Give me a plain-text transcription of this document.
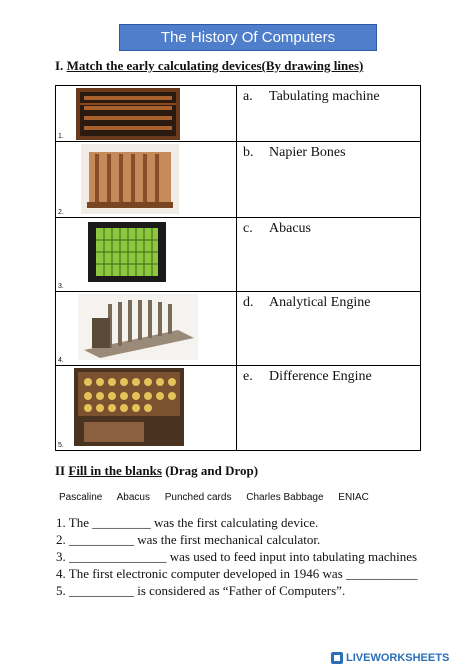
The History Of Computers
I. Match the early calculating devices(By drawing lines)
1.	a. Tabulating machine

2.	b. Napier Bones

3.	c. Abacus

4.	d. Analytical Engine

5.	e. Difference Engine
II Fill in the blanks (Drag and Drop)
Pascaline Abacus Punched cards Charles Babbage ENIAC
1. The _________ was the first calculating device.
2. __________ was the first mechanical calculator.
3. _______________ was used to feed input into tabulating machines
4. The first electronic computer developed in 1946 was ___________
5. __________ is considered as “Father of Computers”.
LIVEWORKSHEETS
